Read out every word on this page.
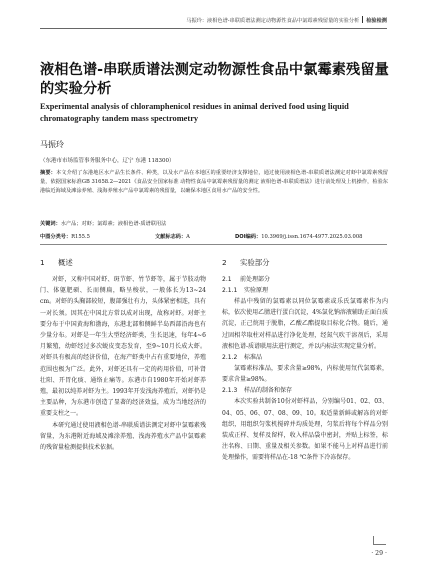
马振玲：液相色谱-串联质谱法测定动物源性食品中氯霉素残留量的实验分析 检验检测
液相色谱-串联质谱法测定动物源性食品中氯霉素残留量的实验分析
Experimental analysis of chloramphenicol residues in animal derived food using liquid chromatography tandem mass spectrometry
马振玲
（东港市市场监管事务服务中心，辽宁 东港 118300）
摘要：本文介绍了东港地区水产品生长条件、种类，以及水产品在本地区的重要经济支撑地位，通过使用液相色谱-串联质谱法测定对虾中氯霉素残留量，依据国家标准GB 31658.2—2021《食品安全国家标准 动物性食品中氯霉素残留量的测定 液相色谱-串联质谱法》进行前处理及上机操作，检验东港临近海域及滩涂养殖、浅海养殖水产品中氯霉素的残留量，以确保本地区食用水产品的安全性。
关键词：水产品；对虾；氯霉素；液相色谱-质谱联用法
中图分类号：R155.5	文献标志码：A	DOI编码：10.3969/j.issn.1674-4977.2025.03.008
1 概述

对虾，又称中国对虾、斑节虾、竹节虾等，属于节肢动物门、体躯肥硕、长而侧扁，略呈梭状，一般体长为13~24 cm。对虾的头胸部较短，腹部强壮有力，头体紧密相连，具有一对长须。因其在中国北方常以成对出现，故称对虾。对虾主要分布于中国黄海和渤海，东港北部和侧鲜半岛西部沿海也有少量分布。对虾是一年生大型经济虾类，生长迅速，每年4~6月繁殖，幼虾经过多次蜕皮变态发育，至9~10月长成大虾。对虾具有极高的经济价值，在海产虾类中占有重要地位，养殖范围也极为广泛。此外，对虾还具有一定的药用价值，可补肾壮阳、开胃化痰、通络止痛等。东港市自1980年开始对虾养殖，最初以纯养对虾为主。1993年开发浅海养殖后，对虾仍是主要品种，为东港市创造了显著的经济效益，成为当地经济的重要支柱之一。

本研究通过使用液相色谱-串联质谱法测定对虾中氯霉素残留量，为东港附近海域及滩涂养殖、浅海养殖水产品中氯霉素的残留量检测提供技术依据。

2 实验部分
2.1 前处理部分
2.1.1 实验原理

样品中残留的氯霉素以同位氯霉素或乐氏氯霉素作为内标，依次使用乙腈进行蛋白沉淀，4%氯化钠溶液辅助正面白质沉淀，正己烷用于脱脂，乙酸乙酯提取目标化合物。随后，通过固相萃取柱对样品进行净化处理，经氮气吹干溶剂后，采用液相色谱-质谱联用法进行测定，并以内标法实现定量分析。

2.1.2 标准品

氯霉素标准品，要求含量≥98%，内标使用氘代氯霉素，要求含量≥98%。

2.1.3 样品的制备和保存

本次实验共制备10份对虾样品，分别编号01、02、03、04、05、06、07、08、09、10。取适量新鲜或解冻的对虾组织，用组织匀浆机搅碎并均质处理，匀浆后将每个样品分别装成正样、复样及留样，收入样品袋中密封，并贴上标签，标注名称、日期、重量及相关参数。如果不能马上对样品进行前处理操作，需要将样品在-18 ℃条件下冷冻保存。

· 29 ·
